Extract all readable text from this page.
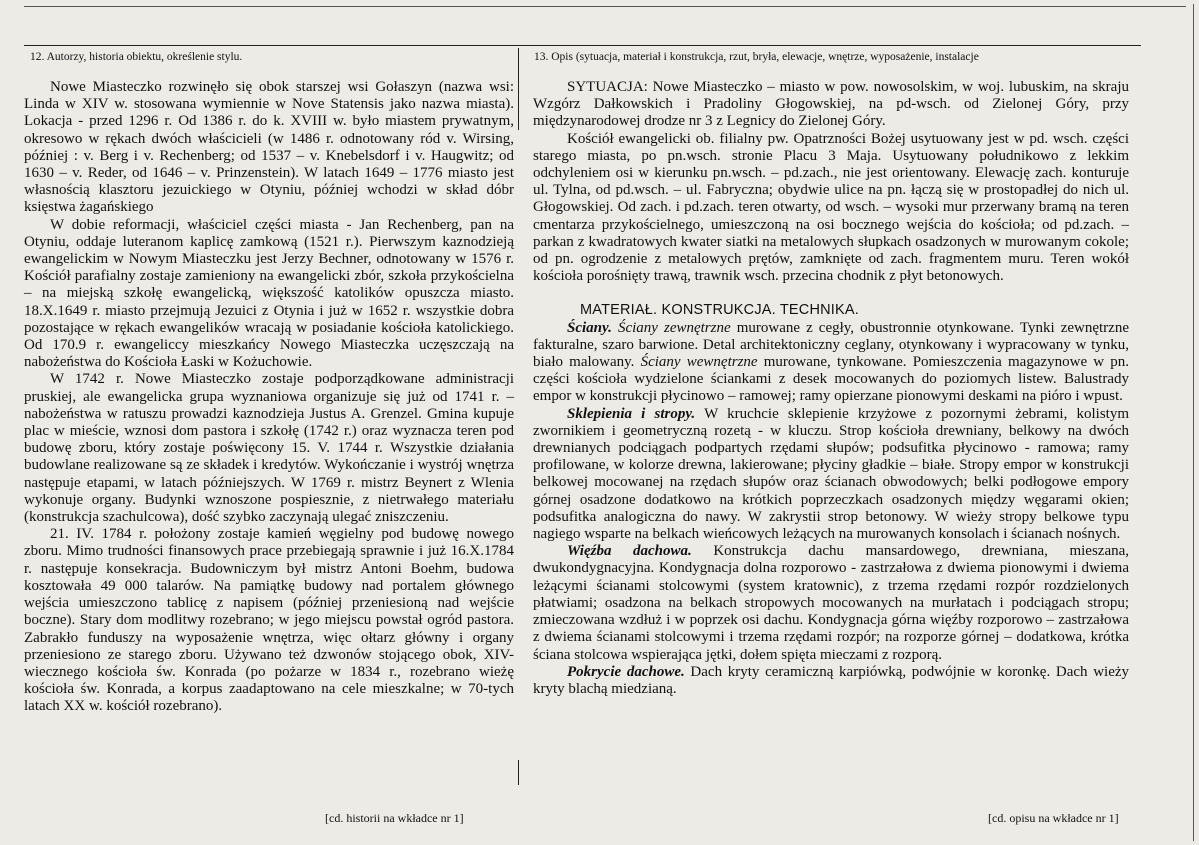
12. Autorzy, historia obiektu, określenie stylu.	13. Opis (sytuacja, materiał i konstrukcja, rzut, bryła, elewacje, wnętrze, wyposażenie, instalacje

Nowe Miasteczko rozwinęło się obok starszej wsi Gołaszyn (nazwa wsi: Linda w XIV w. stosowana wymiennie w Nove Statensis jako nazwa miasta). Lokacja - przed 1296 r. Od 1386 r. do k. XVIII w. było miastem prywatnym, okresowo w rękach dwóch właścicieli (w 1486 r. odnotowany ród v. Wirsing, później : v. Berg i v. Rechenberg; od 1537 – v. Knebelsdorf i v. Haugwitz; od 1630 – v. Reder, od 1646 – v. Prinzenstein). W latach 1649 – 1776 miasto jest własnością klasztoru jezuickiego w Otyniu, później wchodzi w skład dóbr księstwa żagańskiego

W dobie reformacji, właściciel części miasta - Jan Rechenberg, pan na Otyniu, oddaje luteranom kaplicę zamkową (1521 r.). Pierwszym kaznodzieją ewangelickim w Nowym Miasteczku jest Jerzy Bechner, odnotowany w 1576 r. Kościół parafialny zostaje zamieniony na ewangelicki zbór, szkoła przykościelna – na miejską szkołę ewangelicką, większość katolików opuszcza miasto. 18.X.1649 r. miasto przejmują Jezuici z Otynia i już w 1652 r. wszystkie dobra pozostające w rękach ewangelików wracają w posiadanie kościoła katolickiego. Od 170.9 r. ewangeliccy mieszkańcy Nowego Miasteczka uczęszczają na nabożeństwa do Kościoła Łaski w Kożuchowie.

W 1742 r. Nowe Miasteczko zostaje podporządkowane administracji pruskiej, ale ewangelicka grupa wyznaniowa organizuje się już od 1741 r. – nabożeństwa w ratuszu prowadzi kaznodzieja Justus A. Grenzel. Gmina kupuje plac w mieście, wznosi dom pastora i szkołę (1742 r.) oraz wyznacza teren pod budowę zboru, który zostaje poświęcony 15. V. 1744 r. Wszystkie działania budowlane realizowane są ze składek i kredytów. Wykończanie i wystrój wnętrza następuje etapami, w latach późniejszych. W 1769 r. mistrz Beynert z Wlenia wykonuje organy. Budynki wznoszone pospiesznie, z nietrwałego materiału (konstrukcja szachulcowa), dość szybko zaczynają ulegać zniszczeniu.

21. IV. 1784 r. położony zostaje kamień węgielny pod budowę nowego zboru. Mimo trudności finansowych prace przebiegają sprawnie i już 16.X.1784 r. następuje konsekracja. Budowniczym był mistrz Antoni Boehm, budowa kosztowała 49 000 talarów. Na pamiątkę budowy nad portalem głównego wejścia umieszczono tablicę z napisem (później przeniesioną nad wejście boczne). Stary dom modlitwy rozebrano; w jego miejscu powstał ogród pastora. Zabrakło funduszy na wyposażenie wnętrza, więc ołtarz główny i organy przeniesiono ze starego zboru. Używano też dzwonów stojącego obok, XIV-wiecznego kościoła św. Konrada (po pożarze w 1834 r., rozebrano wieżę kościoła św. Konrada, a korpus zaadaptowano na cele mieszkalne; w 70-tych latach XX w. kościół rozebrano).

SYTUACJA: Nowe Miasteczko – miasto w pow. nowosolskim, w woj. lubuskim, na skraju Wzgórz Dałkowskich i Pradoliny Głogowskiej, na pd-wsch. od Zielonej Góry, przy międzynarodowej drodze nr 3 z Legnicy do Zielonej Góry.

Kościół ewangelicki ob. filialny pw. Opatrzności Bożej usytuowany jest w pd. wsch. części starego miasta, po pn.wsch. stronie Placu 3 Maja. Usytuowany południkowo z lekkim odchyleniem osi w kierunku pn.wsch. – pd.zach., nie jest orientowany. Elewację zach. konturuje ul. Tylna, od pd.wsch. – ul. Fabryczna; obydwie ulice na pn. łączą się w prostopadłej do nich ul. Głogowskiej. Od zach. i pd.zach. teren otwarty, od wsch. – wysoki mur przerwany bramą na teren cmentarza przykościelnego, umieszczoną na osi bocznego wejścia do kościoła; od pd.zach. – parkan z kwadratowych kwater siatki na metalowych słupkach osadzonych w murowanym cokole; od pn. ogrodzenie z metalowych prętów, zamknięte od zach. fragmentem muru. Teren wokół kościoła porośnięty trawą, trawnik wsch. przecina chodnik z płyt betonowych.

MATERIAŁ. KONSTRUKCJA. TECHNIKA.

Ściany. Ściany zewnętrzne murowane z cegły, obustronnie otynkowane. Tynki zewnętrzne fakturalne, szaro barwione. Detal architektoniczny ceglany, otynkowany i wypracowany w tynku, biało malowany. Ściany wewnętrzne murowane, tynkowane. Pomieszczenia magazynowe w pn. części kościoła wydzielone ściankami z desek mocowanych do poziomych listew. Balustrady empor w konstrukcji płycinowo – ramowej; ramy opierzane pionowymi deskami na pióro i wpust.

Sklepienia i stropy. W kruchcie sklepienie krzyżowe z pozornymi żebrami, kolistym zwornikiem i geometryczną rozetą - w kluczu. Strop kościoła drewniany, belkowy na dwóch drewnianych podciągach podpartych rzędami słupów; podsufitka płycinowo - ramowa; ramy profilowane, w kolorze drewna, lakierowane; płyciny gładkie – białe. Stropy empor w konstrukcji belkowej mocowanej na rzędach słupów oraz ścianach obwodowych; belki podłogowe empory górnej osadzone dodatkowo na krótkich poprzeczkach osadzonych między węgarami okien; podsufitka analogiczna do nawy. W zakrystii strop betonowy. W wieży stropy belkowe typu nagiego wsparte na belkach wieńcowych leżących na murowanych konsolach i ścianach nośnych.

Więźba dachowa. Konstrukcja dachu mansardowego, drewniana, mieszana, dwukondygnacyjna. Kondygnacja dolna rozporowo - zastrzałowa z dwiema pionowymi i dwiema leżącymi ścianami stolcowymi (system kratownic), z trzema rzędami rozpór rozdzielonych płatwiami; osadzona na belkach stropowych mocowanych na murłatach i podciągach stropu; zmieczowana wzdłuż i w poprzek osi dachu. Kondygnacja górna więźby rozporowo – zastrzałowa z dwiema ścianami stolcowymi i trzema rzędami rozpór; na rozporze górnej – dodatkowa, krótka ściana stolcowa wspierająca jętki, dołem spięta mieczami z rozporą.

Pokrycie dachowe. Dach kryty ceramiczną karpiówką, podwójnie w koronkę. Dach wieży kryty blachą miedzianą.

[cd. historii na wkładce nr 1]	[cd. opisu na wkładce nr 1]
